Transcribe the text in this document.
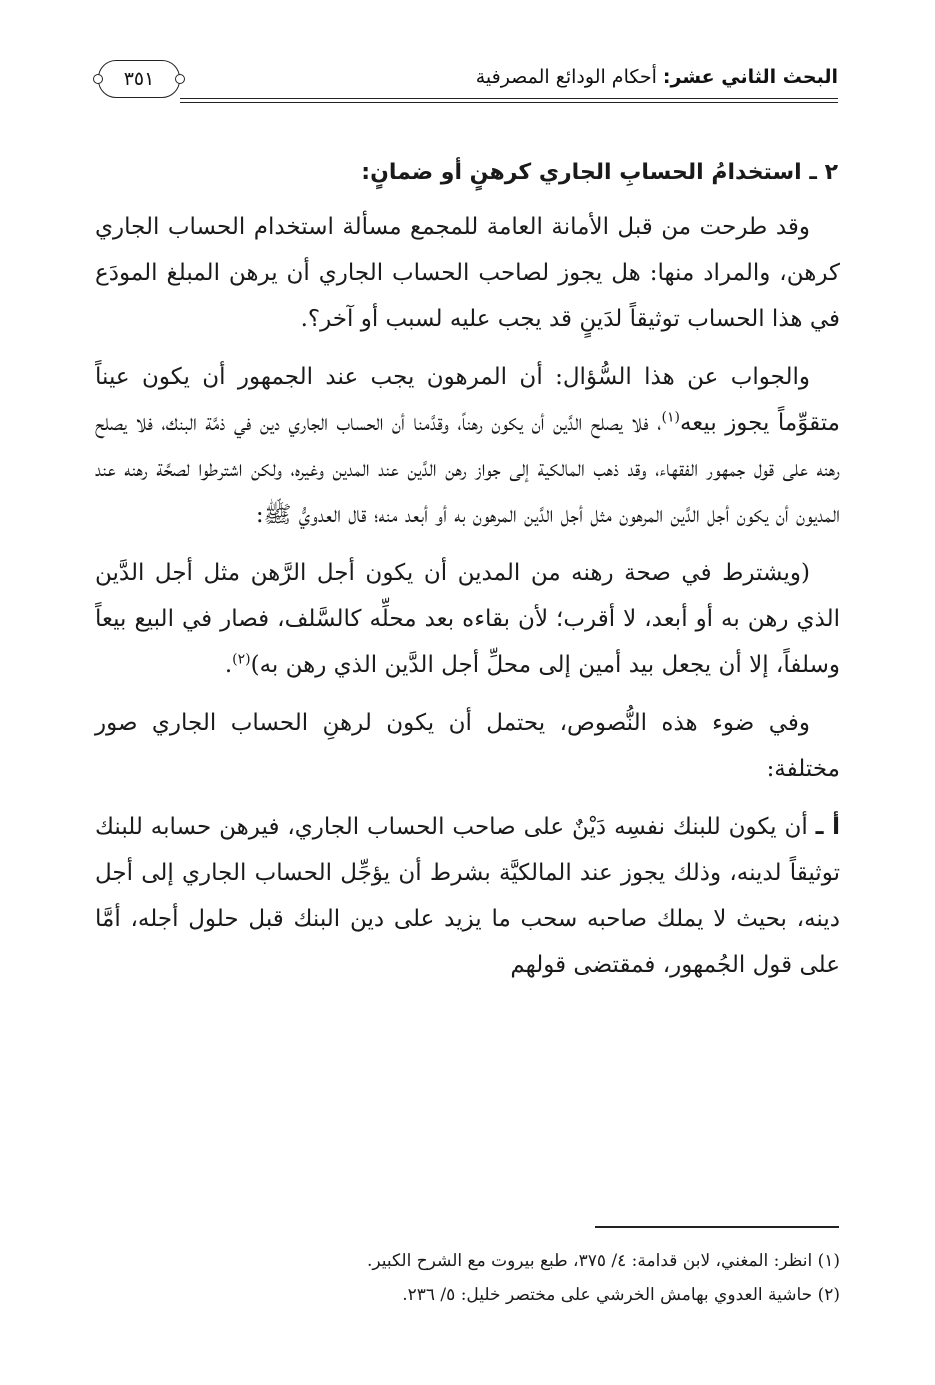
البحث الثاني عشر: أحكام الودائع المصرفية
٣٥١
٢ ـ استخدامُ الحسابِ الجاري كرهنٍ أو ضمانٍ:

وقد طرحت من قبل الأمانة العامة للمجمع مسألة استخدام الحساب الجاري كرهن، والمراد منها: هل يجوز لصاحب الحساب الجاري أن يرهن المبلغ المودَع في هذا الحساب توثيقاً لدَينٍ قد يجب عليه لسبب أو آخر؟.

والجواب عن هذا السُّؤال: أن المرهون يجب عند الجمهور أن يكون عيناً متقوِّماً يجوز بيعه$^{(١)}$، فلا يصلح الدَّين أن يكون رهناً، وقدَّمنا أن الحساب الجاري دين في ذمَّة البنك، فلا يصلح رهنه على قول جمهور الفقهاء، وقد ذهب المالكية إلى جواز رهن الدَّين عند المدين وغيره، ولكن اشترطوا لصحَّة رهنه عند المديون أن يكون أجل الدَّين المرهون مثل أجل الدَّين المرهون به أو أبعد منه؛ قال العدويُّ ﷺ:

(ويشترط في صحة رهنه من المدين أن يكون أجل الرَّهن مثل أجل الدَّين الذي رهن به أو أبعد، لا أقرب؛ لأن بقاءه بعد محلِّه كالسَّلف، فصار في البيع بيعاً وسلفاً، إلا أن يجعل بيد أمين إلى محلِّ أجل الدَّين الذي رهن به)$^{(٢)}$.

وفي ضوء هذه النُّصوص، يحتمل أن يكون لرهنِ الحساب الجاري صور مختلفة:

أ ـ أن يكون للبنك نفسِه دَيْنٌ على صاحب الحساب الجاري، فيرهن حسابه للبنك توثيقاً لدينه، وذلك يجوز عند المالكيَّة بشرط أن يؤجِّل الحساب الجاري إلى أجل دينه، بحيث لا يملك صاحبه سحب ما يزيد على دين البنك قبل حلول أجله، أمَّا على قول الجُمهور، فمقتضى قولهم

(١) انظر: المغني، لابن قدامة: ٤/ ٣٧٥، طبع بيروت مع الشرح الكبير.
(٢) حاشية العدوي بهامش الخرشي على مختصر خليل: ٥/ ٢٣٦.
